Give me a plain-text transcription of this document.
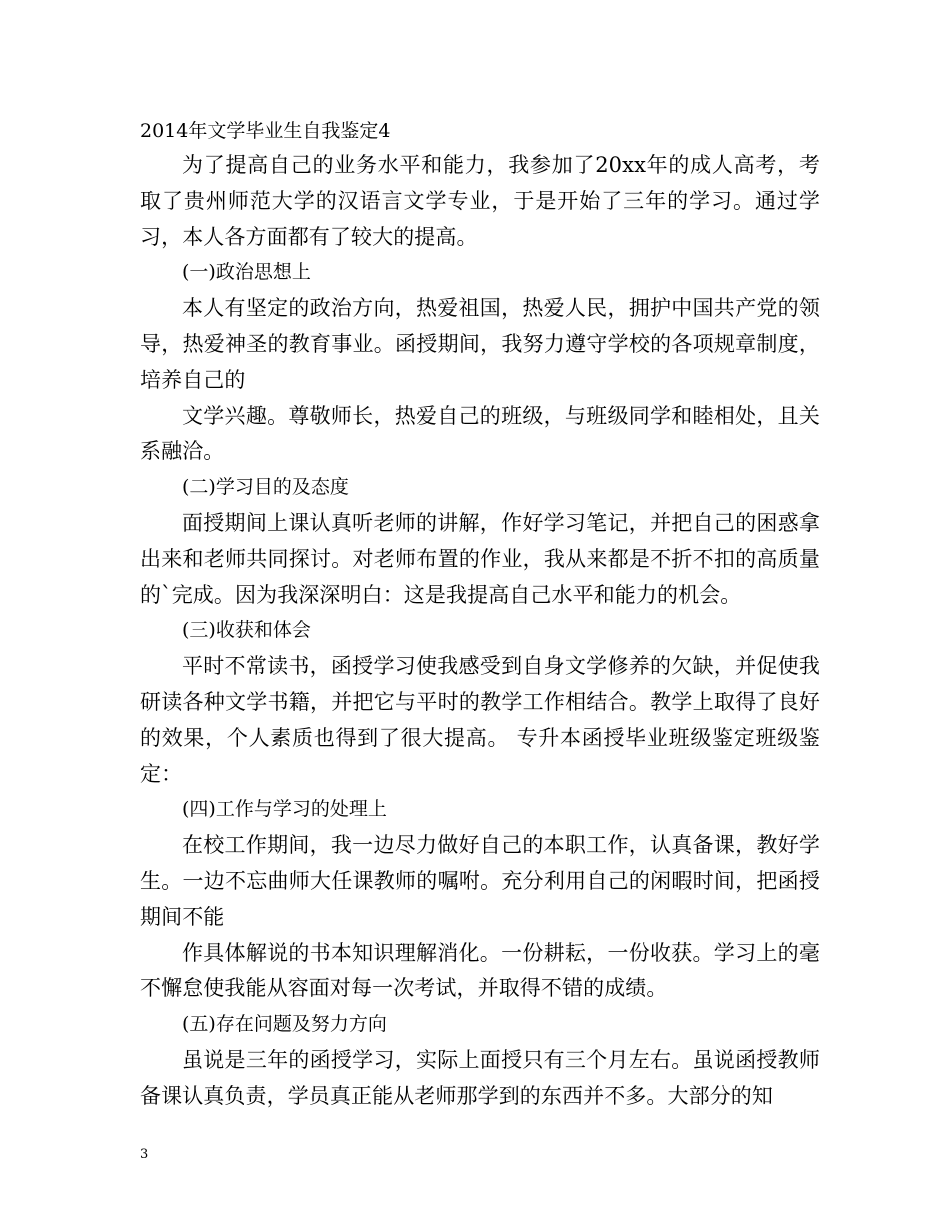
2014年文学毕业生自我鉴定4

为了提高自己的业务水平和能力，我参加了20xx年的成人高考，考取了贵州师范大学的汉语言文学专业，于是开始了三年的学习。通过学习，本人各方面都有了较大的提高。

(一)政治思想上

本人有坚定的政治方向，热爱祖国，热爱人民，拥护中国共产党的领导，热爱神圣的教育事业。函授期间，我努力遵守学校的各项规章制度，培养自己的

文学兴趣。尊敬师长，热爱自己的班级，与班级同学和睦相处，且关系融洽。

(二)学习目的及态度

面授期间上课认真听老师的讲解，作好学习笔记，并把自己的困惑拿出来和老师共同探讨。对老师布置的作业，我从来都是不折不扣的高质量的`完成。因为我深深明白：这是我提高自己水平和能力的机会。

(三)收获和体会

平时不常读书，函授学习使我感受到自身文学修养的欠缺，并促使我研读各种文学书籍，并把它与平时的教学工作相结合。教学上取得了良好的效果，个人素质也得到了很大提高。 专升本函授毕业班级鉴定班级鉴定：

(四)工作与学习的处理上

在校工作期间，我一边尽力做好自己的本职工作，认真备课，教好学生。一边不忘曲师大任课教师的嘱咐。充分利用自己的闲暇时间，把函授期间不能

作具体解说的书本知识理解消化。一份耕耘，一份收获。学习上的毫不懈怠使我能从容面对每一次考试，并取得不错的成绩。

(五)存在问题及努力方向

虽说是三年的函授学习，实际上面授只有三个月左右。虽说函授教师备课认真负责，学员真正能从老师那学到的东西并不多。大部分的知

3
